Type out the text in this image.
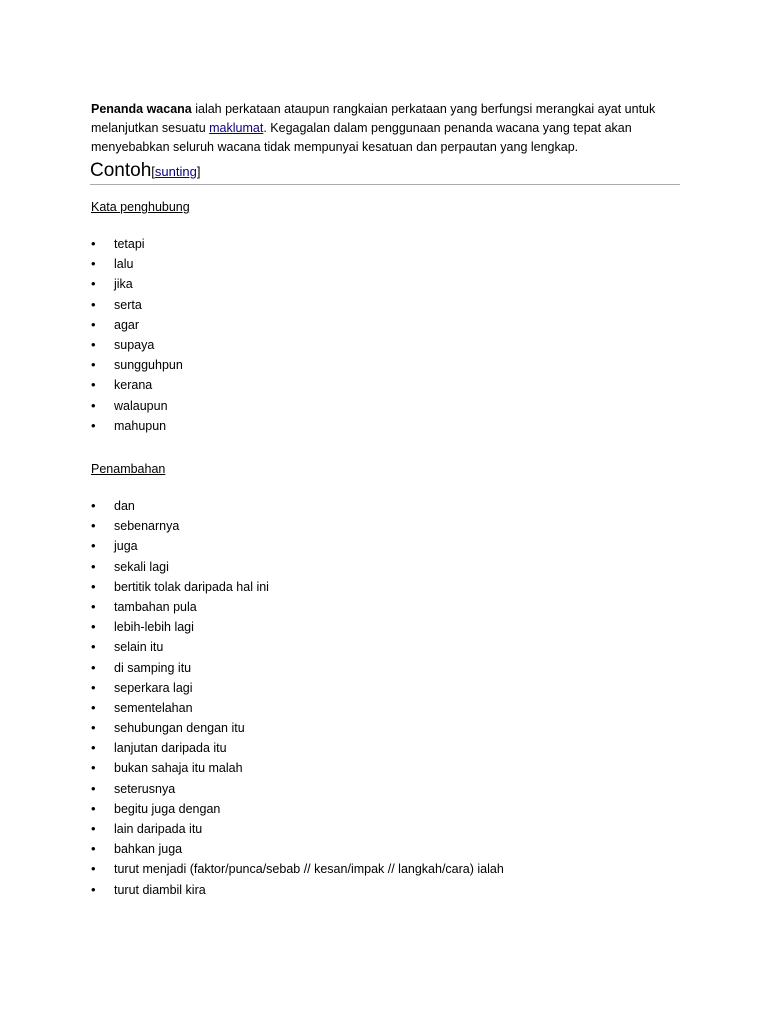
Penanda wacana ialah perkataan ataupun rangkaian perkataan yang berfungsi merangkai ayat untuk melanjutkan sesuatu maklumat. Kegagalan dalam penggunaan penanda wacana yang tepat akan menyebabkan seluruh wacana tidak mempunyai kesatuan dan perpautan yang lengkap.

Contoh[sunting]
Kata penghubung
• tetapi
• lalu
• jika
• serta
• agar
• supaya
• sungguhpun
• kerana
• walaupun
• mahupun
Penambahan
• dan
• sebenarnya
• juga
• sekali lagi
• bertitik tolak daripada hal ini
• tambahan pula
• lebih-lebih lagi
• selain itu
• di samping itu
• seperkara lagi
• sementelahan
• sehubungan dengan itu
• lanjutan daripada itu
• bukan sahaja itu malah
• seterusnya
• begitu juga dengan
• lain daripada itu
• bahkan juga
• turut menjadi (faktor/punca/sebab // kesan/impak // langkah/cara) ialah
• turut diambil kira
